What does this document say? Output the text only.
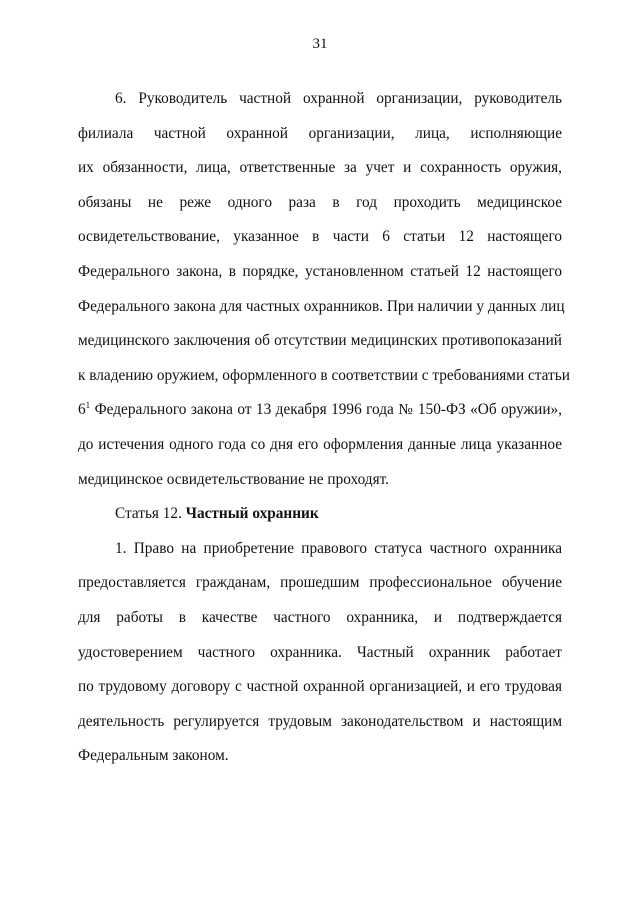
31
6. Руководитель частной охранной организации, руководитель
филиала частной охранной организации, лица, исполняющие
их обязанности, лица, ответственные за учет и сохранность оружия,
обязаны не реже одного раза в год проходить медицинское
освидетельствование, указанное в части 6 статьи 12 настоящего
Федерального закона, в порядке, установленном статьей 12 настоящего
Федерального закона для частных охранников. При наличии у данных лиц
медицинского заключения об отсутствии медицинских противопоказаний
к владению оружием, оформленного в соответствии с требованиями статьи
$6^1$ Федерального закона от 13 декабря 1996 года № 150-ФЗ «Об оружии»,
до истечения одного года со дня его оформления данные лица указанное
медицинское освидетельствование не проходят.
Статья 12. Частный охранник
1. Право на приобретение правового статуса частного охранника
предоставляется гражданам, прошедшим профессиональное обучение
для работы в качестве частного охранника, и подтверждается
удостоверением частного охранника. Частный охранник работает
по трудовому договору с частной охранной организацией, и его трудовая
деятельность регулируется трудовым законодательством и настоящим
Федеральным законом.
